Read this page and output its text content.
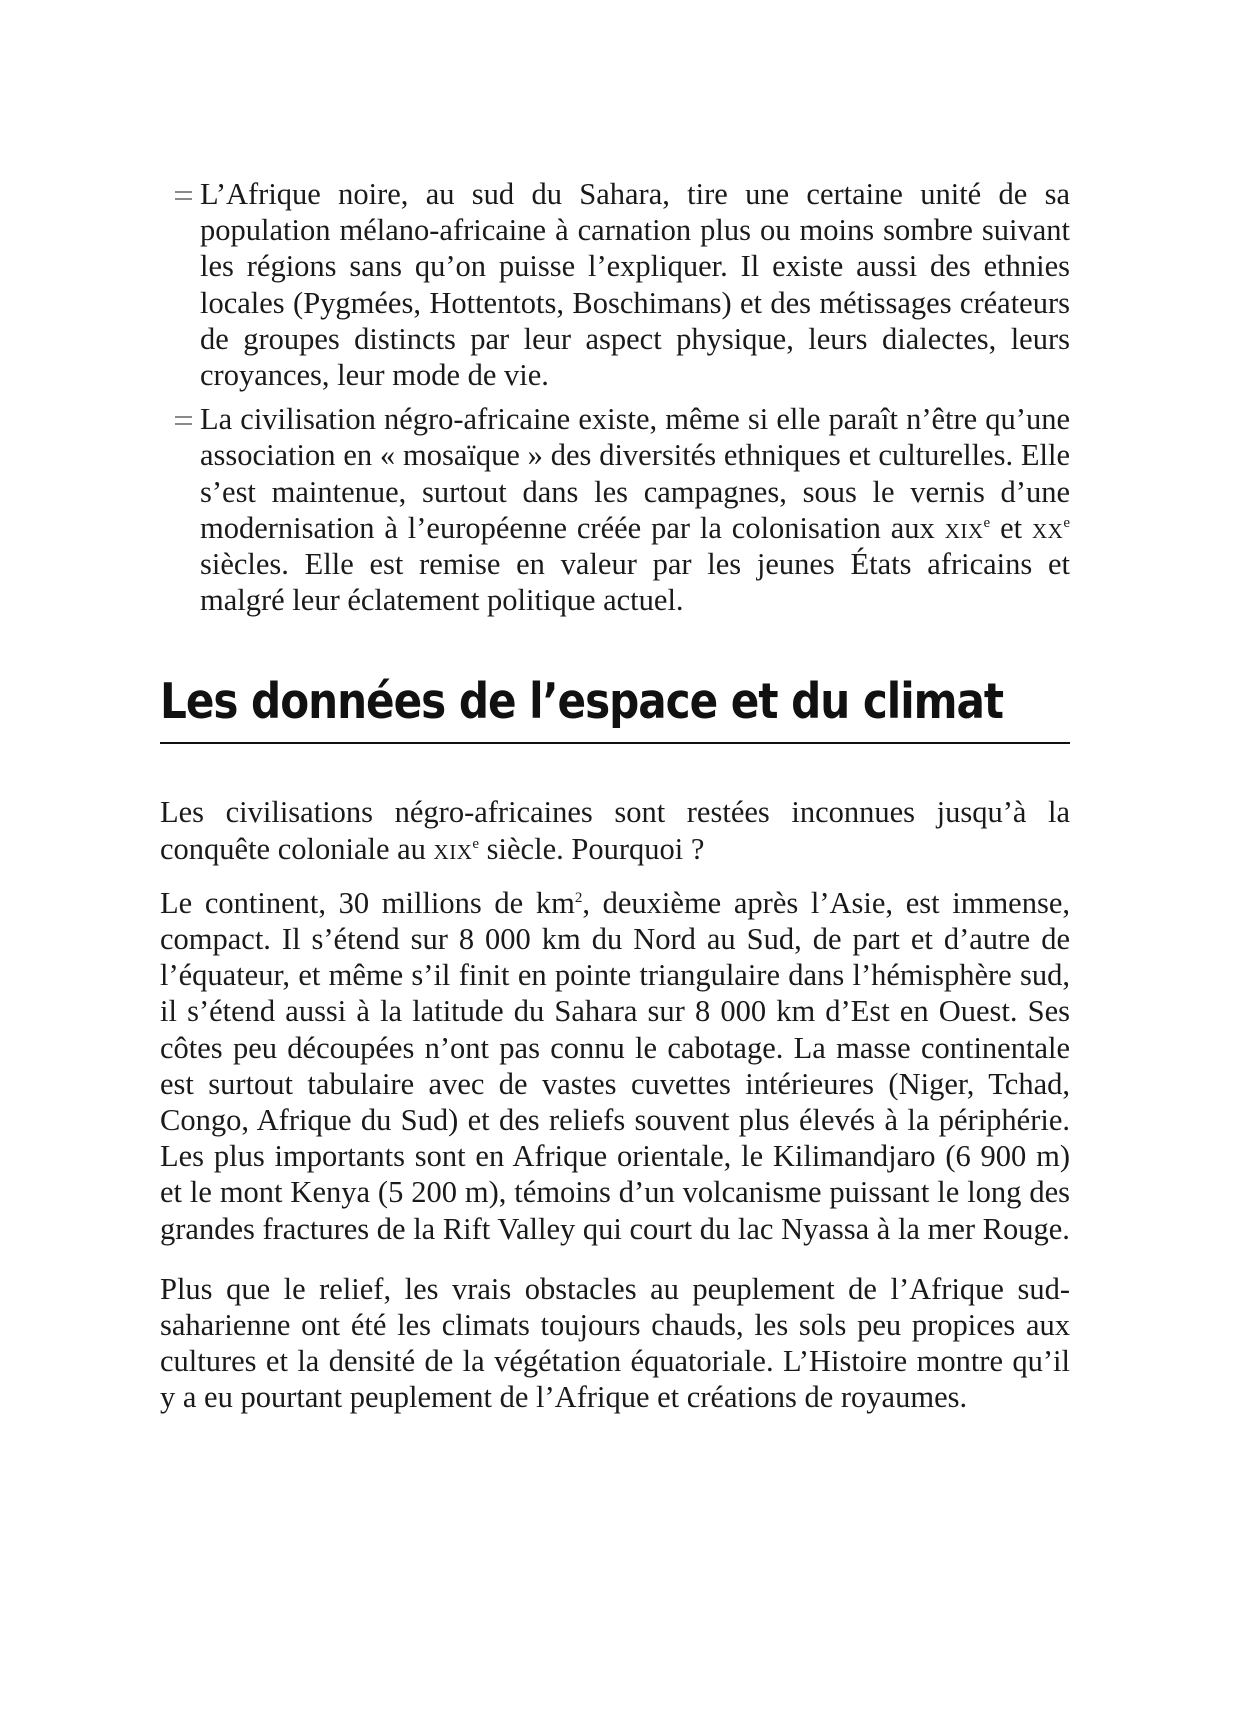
L’Afrique noire, au sud du Sahara, tire une certaine unité de sa population mélano-africaine à carnation plus ou moins sombre suivant les régions sans qu’on puisse l’expliquer. Il existe aussi des ethnies locales (Pygmées, Hottentots, Boschimans) et des métissages créateurs de groupes distincts par leur aspect physique, leurs dialectes, leurs croyances, leur mode de vie.
La civilisation négro-africaine existe, même si elle paraît n’être qu’une association en « mosaïque » des diversités ethniques et culturelles. Elle s’est maintenue, surtout dans les campagnes, sous le vernis d’une modernisation à l’européenne créée par la colonisation aux xix$^e$ et $xx^e$ siècles. Elle est remise en valeur par les jeunes États africains et malgré leur éclatement politique actuel.
Les données de l’espace et du climat

Les civilisations négro-africaines sont restées inconnues jusqu’à la conquête coloniale au xix$^e$ siècle. Pourquoi ?

Le continent, 30 millions de $km^2$, deuxième après l’Asie, est immense, compact. Il s’étend sur 8 000 km du Nord au Sud, de part et d’autre de l’équateur, et même s’il finit en pointe triangulaire dans l’hémisphère sud, il s’étend aussi à la latitude du Sahara sur 8 000 km d’Est en Ouest. Ses côtes peu découpées n’ont pas connu le cabotage. La masse continentale est surtout tabulaire avec de vastes cuvettes intérieures (Niger, Tchad, Congo, Afrique du Sud) et des reliefs souvent plus élevés à la périphérie. Les plus importants sont en Afrique orientale, le Kilimandjaro (6 900 m) et le mont Kenya (5 200 m), témoins d’un volcanisme puissant le long des grandes fractures de la Rift Valley qui court du lac Nyassa à la mer Rouge.

Plus que le relief, les vrais obstacles au peuplement de l’Afrique sud-saharienne ont été les climats toujours chauds, les sols peu propices aux cultures et la densité de la végétation équatoriale. L’Histoire montre qu’il y a eu pourtant peuplement de l’Afrique et créations de royaumes.
